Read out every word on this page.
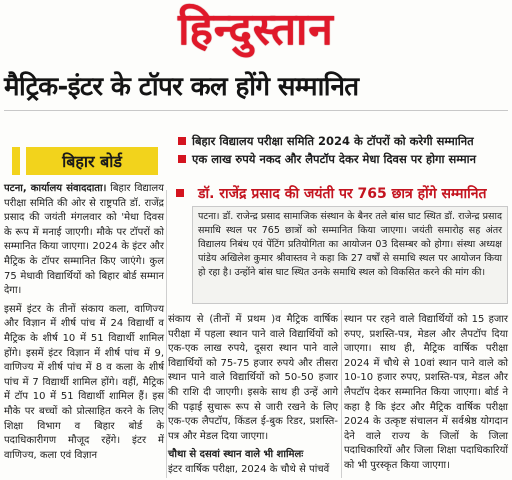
हिन्दुस्तान
मैट्रिक-इंटर के टॉपर कल होंगे सम्मानित
बिहार बोर्ड
बिहार विद्यालय परीक्षा समिति 2024 के टॉपरों को करेगी सम्मानित
एक लाख रुपये नकद और लैपटॉप देकर मेधा दिवस पर होगा सम्मान

पटना, कार्यालय संवाददाता। बिहार विद्यालय परीक्षा समिति की ओर से राष्ट्रपति डॉ. राजेंद्र प्रसाद की जयंती मंगलवार को 'मेधा दिवस के रूप में मनाई जाएगी। मौके पर टॉपरों को सम्मानित किया जाएगा। 2024 के इंटर और मैट्रिक के टॉपर सम्मानित किए जाएंगे। कुल 75 मेधावी विद्यार्थियों को बिहार बोर्ड सम्मान देगा।

इसमें इंटर के तीनों संकाय कला, वाणिज्य और विज्ञान में शीर्ष पांच में 24 विद्यार्थी व मैट्रिक के शीर्ष 10 में 51 विद्यार्थी शामिल होंगे। इसमें इंटर विज्ञान में शीर्ष पांच में 9, वाणिज्य में शीर्ष पांच में 8 व कला के शीर्ष पांच में 7 विद्यार्थी शामिल होंगे। वहीं, मैट्रिक में टॉप 10 में 51 विद्यार्थी शामिल हैं। इस मौके पर बच्चों को प्रोत्साहित करने के लिए शिक्षा विभाग व बिहार बोर्ड के पदाधिकारीगण मौजूद रहेंगे। इंटर में वाणिज्य, कला एवं विज्ञान

डॉ. राजेंद्र प्रसाद की जयंती पर 765 छात्र होंगे सम्मानित
पटना। डॉ. राजेन्द्र प्रसाद सामाजिक संस्थान के बैनर तले बांस घाट स्थित डॉ. राजेन्द्र प्रसाद समाधि स्थल पर 765 छात्रों को सम्मानित किया जाएगा। जयंती समारोह सह अंतर विद्यालय निबंध एवं पेंटिंग प्रतियोगिता का आयोजन 03 दिसम्बर को होगा। संस्था अध्यक्ष पांडेय अखिलेश कुमार श्रीवास्तव ने कहा कि 27 वर्षों से समाधि स्थल पर आयोजन किया हो रहा है। उन्होंने बांस घाट स्थित उनके समाधि स्थल को विकसित करने की मांग की।

संकाय से (तीनों में प्रथम )व मैट्रिक वार्षिक परीक्षा में पहला स्थान पाने वाले विद्यार्थियों को एक-एक लाख रुपये, दूसरा स्थान पाने वाले विद्यार्थियों को 75-75 हजार रुपये और तीसरा स्थान पाने वाले विद्यार्थियों को 50-50 हजार की राशि दी जाएगी। इसके साथ ही उन्हें आगे की पढ़ाई सुचारू रूप से जारी रखने के लिए एक-एक लैपटॉप, किंडल ई-बुक रिडर, प्रशस्ति-पत्र और मेडल दिया जाएगा।

चौथा से दसवां स्थान वाले भी शामिलः

इंटर वार्षिक परीक्षा, 2024 के चौथे से पांचवें

स्थान पर रहने वाले विद्यार्थियों को 15 हजार रुपए, प्रशस्ति-पत्र, मेडल और लैपटॉप दिया जाएगा। साथ ही, मैट्रिक वार्षिक परीक्षा 2024 में चौथे से 10वां स्थान पाने वाले को 10-10 हजार रुपए, प्रशस्ति-पत्र, मेडल और लैपटॉप देकर सम्मानित किया जाएगा। बोर्ड ने कहा है कि इंटर और मैट्रिक वार्षिक परीक्षा 2024 के उत्कृष्ट संचालन में सर्वश्रेष्ठ योगदान देने वाले राज्य के जिलों के जिला पदाधिकारियों और जिला शिक्षा पदाधिकारियों को भी पुरस्कृत किया जाएगा।
